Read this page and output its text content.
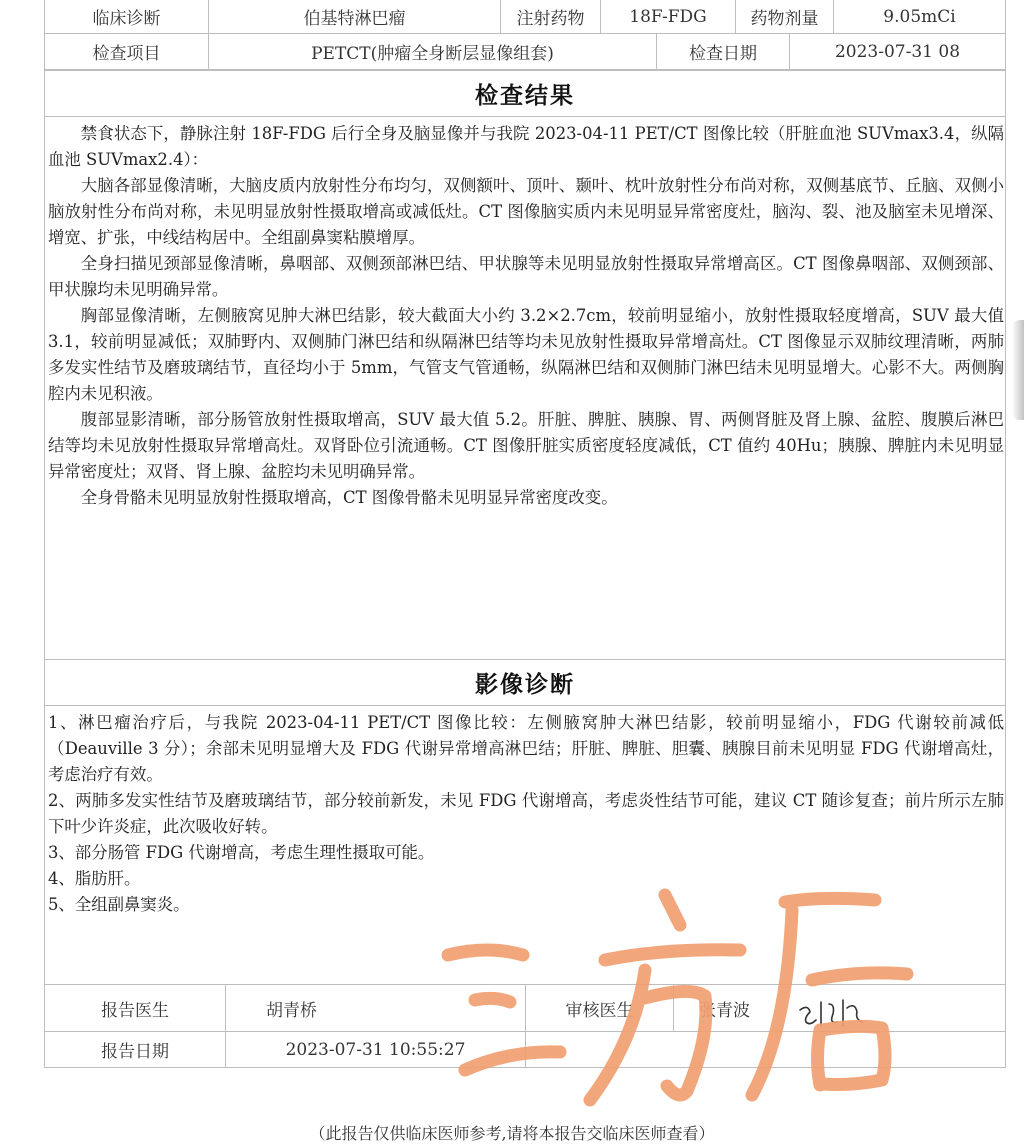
临床诊断	伯基特淋巴瘤	注射药物	18F-FDG	药物剂量	9.05mCi
检查项目	PETCT(肿瘤全身断层显像组套)	检查日期	2023-07-31 08
检查结果

禁食状态下，静脉注射 18F-FDG 后行全身及脑显像并与我院 2023-04-11 PET/CT 图像比较（肝脏血池 SUVmax3.4，纵隔血池 SUVmax2.4）：

大脑各部显像清晰，大脑皮质内放射性分布均匀，双侧额叶、顶叶、颞叶、枕叶放射性分布尚对称，双侧基底节、丘脑、双侧小脑放射性分布尚对称，未见明显放射性摄取增高或减低灶。CT 图像脑实质内未见明显异常密度灶，脑沟、裂、池及脑室未见增深、增宽、扩张，中线结构居中。全组副鼻窦粘膜增厚。

全身扫描见颈部显像清晰，鼻咽部、双侧颈部淋巴结、甲状腺等未见明显放射性摄取异常增高区。CT 图像鼻咽部、双侧颈部、甲状腺均未见明确异常。

胸部显像清晰，左侧腋窝见肿大淋巴结影，较大截面大小约 3.2×2.7cm，较前明显缩小，放射性摄取轻度增高，SUV 最大值 3.1，较前明显减低；双肺野内、双侧肺门淋巴结和纵隔淋巴结等均未见放射性摄取异常增高灶。CT 图像显示双肺纹理清晰，两肺多发实性结节及磨玻璃结节，直径均小于 5mm，气管支气管通畅，纵隔淋巴结和双侧肺门淋巴结未见明显增大。心影不大。两侧胸腔内未见积液。

腹部显影清晰，部分肠管放射性摄取增高，SUV 最大值 5.2。肝脏、脾脏、胰腺、胃、两侧肾脏及肾上腺、盆腔、腹膜后淋巴结等均未见放射性摄取异常增高灶。双肾卧位引流通畅。CT 图像肝脏实质密度轻度减低，CT 值约 40Hu；胰腺、脾脏内未见明显异常密度灶；双肾、肾上腺、盆腔均未见明确异常。

全身骨骼未见明显放射性摄取增高，CT 图像骨骼未见明显异常密度改变。

影像诊断

1、淋巴瘤治疗后，与我院 2023-04-11 PET/CT 图像比较：左侧腋窝肿大淋巴结影，较前明显缩小，FDG 代谢较前减低（Deauville 3 分）；余部未见明显增大及 FDG 代谢异常增高淋巴结；肝脏、脾脏、胆囊、胰腺目前未见明显 FDG 代谢增高灶，考虑治疗有效。

2、两肺多发实性结节及磨玻璃结节，部分较前新发，未见 FDG 代谢增高，考虑炎性结节可能，建议 CT 随诊复查；前片所示左肺下叶少许炎症，此次吸收好转。

3、部分肠管 FDG 代谢增高，考虑生理性摄取可能。

4、脂肪肝。

5、全组副鼻窦炎。

报告医生	胡青桥	审核医生	张青波
报告日期	2023-07-31 10:55:27
（此报告仅供临床医师参考,请将本报告交临床医师查看）
